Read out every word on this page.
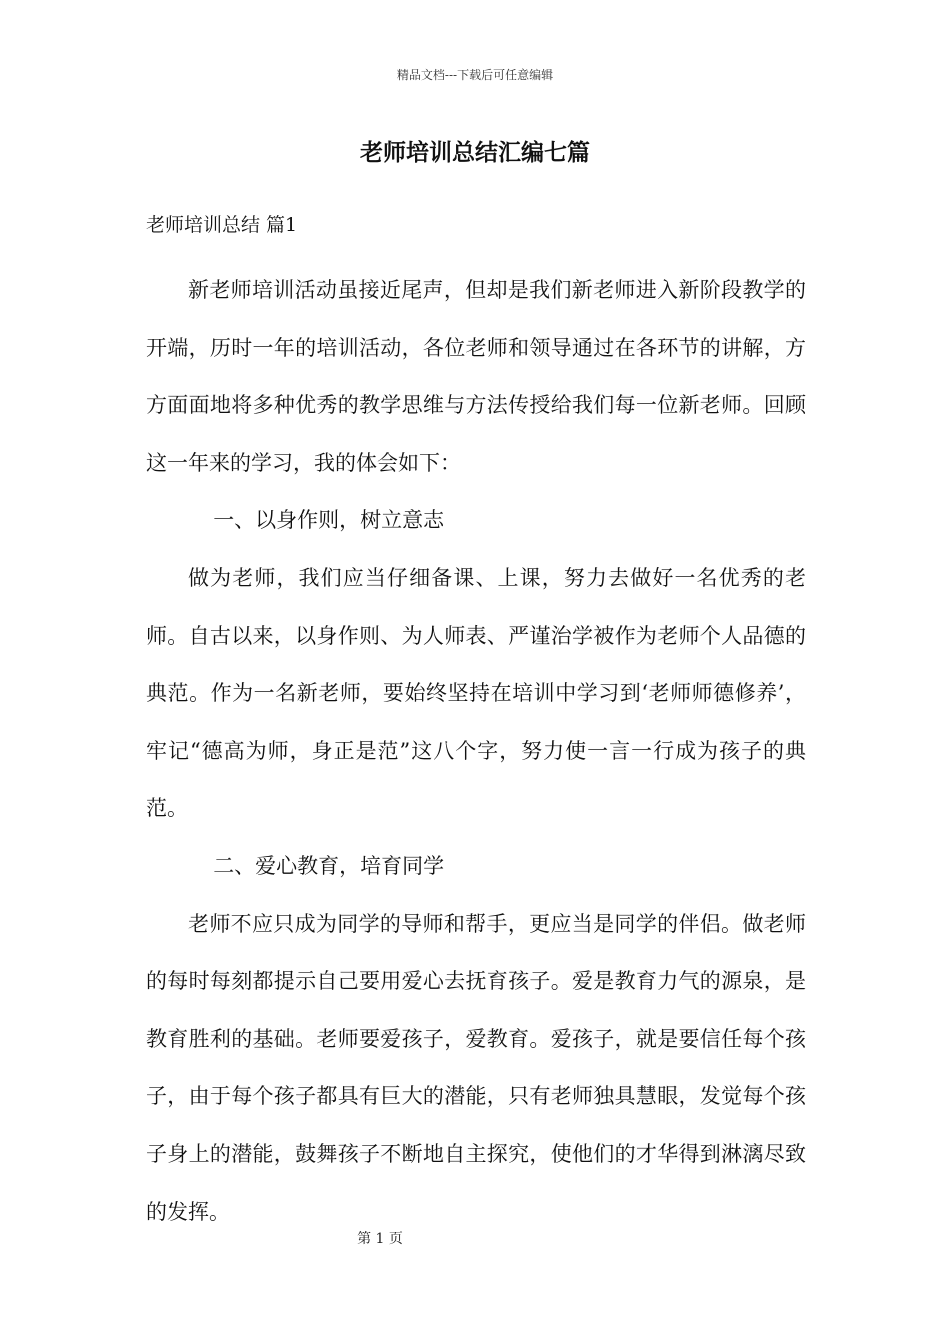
精品文档---下载后可任意编辑
老师培训总结汇编七篇
老师培训总结 篇1

新老师培训活动虽接近尾声，但却是我们新老师进入新阶段教学的开端，历时一年的培训活动，各位老师和领导通过在各环节的讲解，方方面面地将多种优秀的教学思维与方法传授给我们每一位新老师。回顾这一年来的学习，我的体会如下：

一、以身作则，树立意志

做为老师，我们应当仔细备课、上课，努力去做好一名优秀的老师。自古以来，以身作则、为人师表、严谨治学被作为老师个人品德的典范。作为一名新老师，要始终坚持在培训中学习到‘老师师德修养’，牢记“德高为师，身正是范”这八个字，努力使一言一行成为孩子的典范。

二、爱心教育，培育同学

老师不应只成为同学的导师和帮手，更应当是同学的伴侣。做老师的每时每刻都提示自己要用爱心去抚育孩子。爱是教育力气的源泉，是教育胜利的基础。老师要爱孩子，爱教育。爱孩子，就是要信任每个孩子，由于每个孩子都具有巨大的潜能，只有老师独具慧眼，发觉每个孩子身上的潜能，鼓舞孩子不断地自主探究，使他们的才华得到淋漓尽致的发挥。

第 1 页
